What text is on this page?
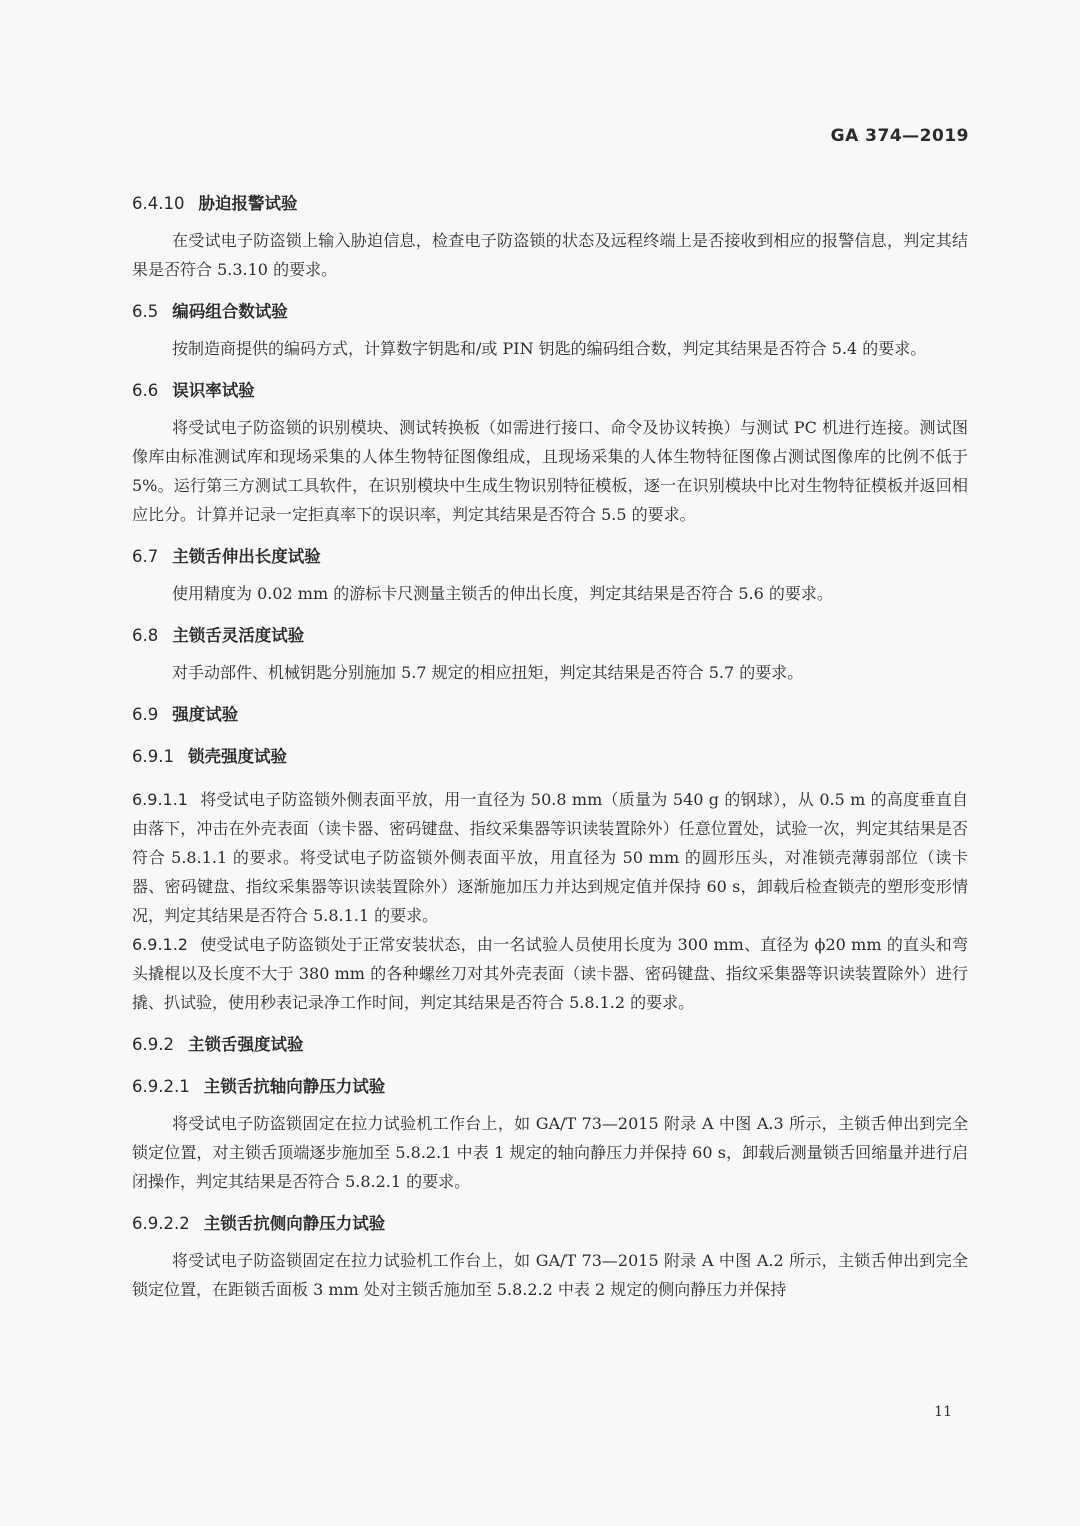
GA 374—2019
6.4.10 胁迫报警试验
在受试电子防盗锁上输入胁迫信息，检查电子防盗锁的状态及远程终端上是否接收到相应的报警信息，判定其结果是否符合 5.3.10 的要求。
6.5 编码组合数试验
按制造商提供的编码方式，计算数字钥匙和/或 PIN 钥匙的编码组合数，判定其结果是否符合 5.4 的要求。
6.6 误识率试验
将受试电子防盗锁的识别模块、测试转换板（如需进行接口、命令及协议转换）与测试 PC 机进行连接。测试图像库由标准测试库和现场采集的人体生物特征图像组成，且现场采集的人体生物特征图像占测试图像库的比例不低于 5%。运行第三方测试工具软件，在识别模块中生成生物识别特征模板，逐一在识别模块中比对生物特征模板并返回相应比分。计算并记录一定拒真率下的误识率，判定其结果是否符合 5.5 的要求。
6.7 主锁舌伸出长度试验
使用精度为 0.02 mm 的游标卡尺测量主锁舌的伸出长度，判定其结果是否符合 5.6 的要求。
6.8 主锁舌灵活度试验
对手动部件、机械钥匙分别施加 5.7 规定的相应扭矩，判定其结果是否符合 5.7 的要求。
6.9 强度试验
6.9.1 锁壳强度试验
6.9.1.1 将受试电子防盗锁外侧表面平放，用一直径为 50.8 mm（质量为 540 g 的钢球），从 0.5 m 的高度垂直自由落下，冲击在外壳表面（读卡器、密码键盘、指纹采集器等识读装置除外）任意位置处，试验一次，判定其结果是否符合 5.8.1.1 的要求。将受试电子防盗锁外侧表面平放，用直径为 50 mm 的圆形压头，对准锁壳薄弱部位（读卡器、密码键盘、指纹采集器等识读装置除外）逐渐施加压力并达到规定值并保持 60 s，卸载后检查锁壳的塑形变形情况，判定其结果是否符合 5.8.1.1 的要求。
6.9.1.2 使受试电子防盗锁处于正常安装状态，由一名试验人员使用长度为 300 mm、直径为 ϕ20 mm 的直头和弯头撬棍以及长度不大于 380 mm 的各种螺丝刀对其外壳表面（读卡器、密码键盘、指纹采集器等识读装置除外）进行撬、扒试验，使用秒表记录净工作时间，判定其结果是否符合 5.8.1.2 的要求。
6.9.2 主锁舌强度试验
6.9.2.1 主锁舌抗轴向静压力试验
将受试电子防盗锁固定在拉力试验机工作台上，如 GA/T 73—2015 附录 A 中图 A.3 所示，主锁舌伸出到完全锁定位置，对主锁舌顶端逐步施加至 5.8.2.1 中表 1 规定的轴向静压力并保持 60 s，卸载后测量锁舌回缩量并进行启闭操作，判定其结果是否符合 5.8.2.1 的要求。
6.9.2.2 主锁舌抗侧向静压力试验
将受试电子防盗锁固定在拉力试验机工作台上，如 GA/T 73—2015 附录 A 中图 A.2 所示，主锁舌伸出到完全锁定位置，在距锁舌面板 3 mm 处对主锁舌施加至 5.8.2.2 中表 2 规定的侧向静压力并保持
11
